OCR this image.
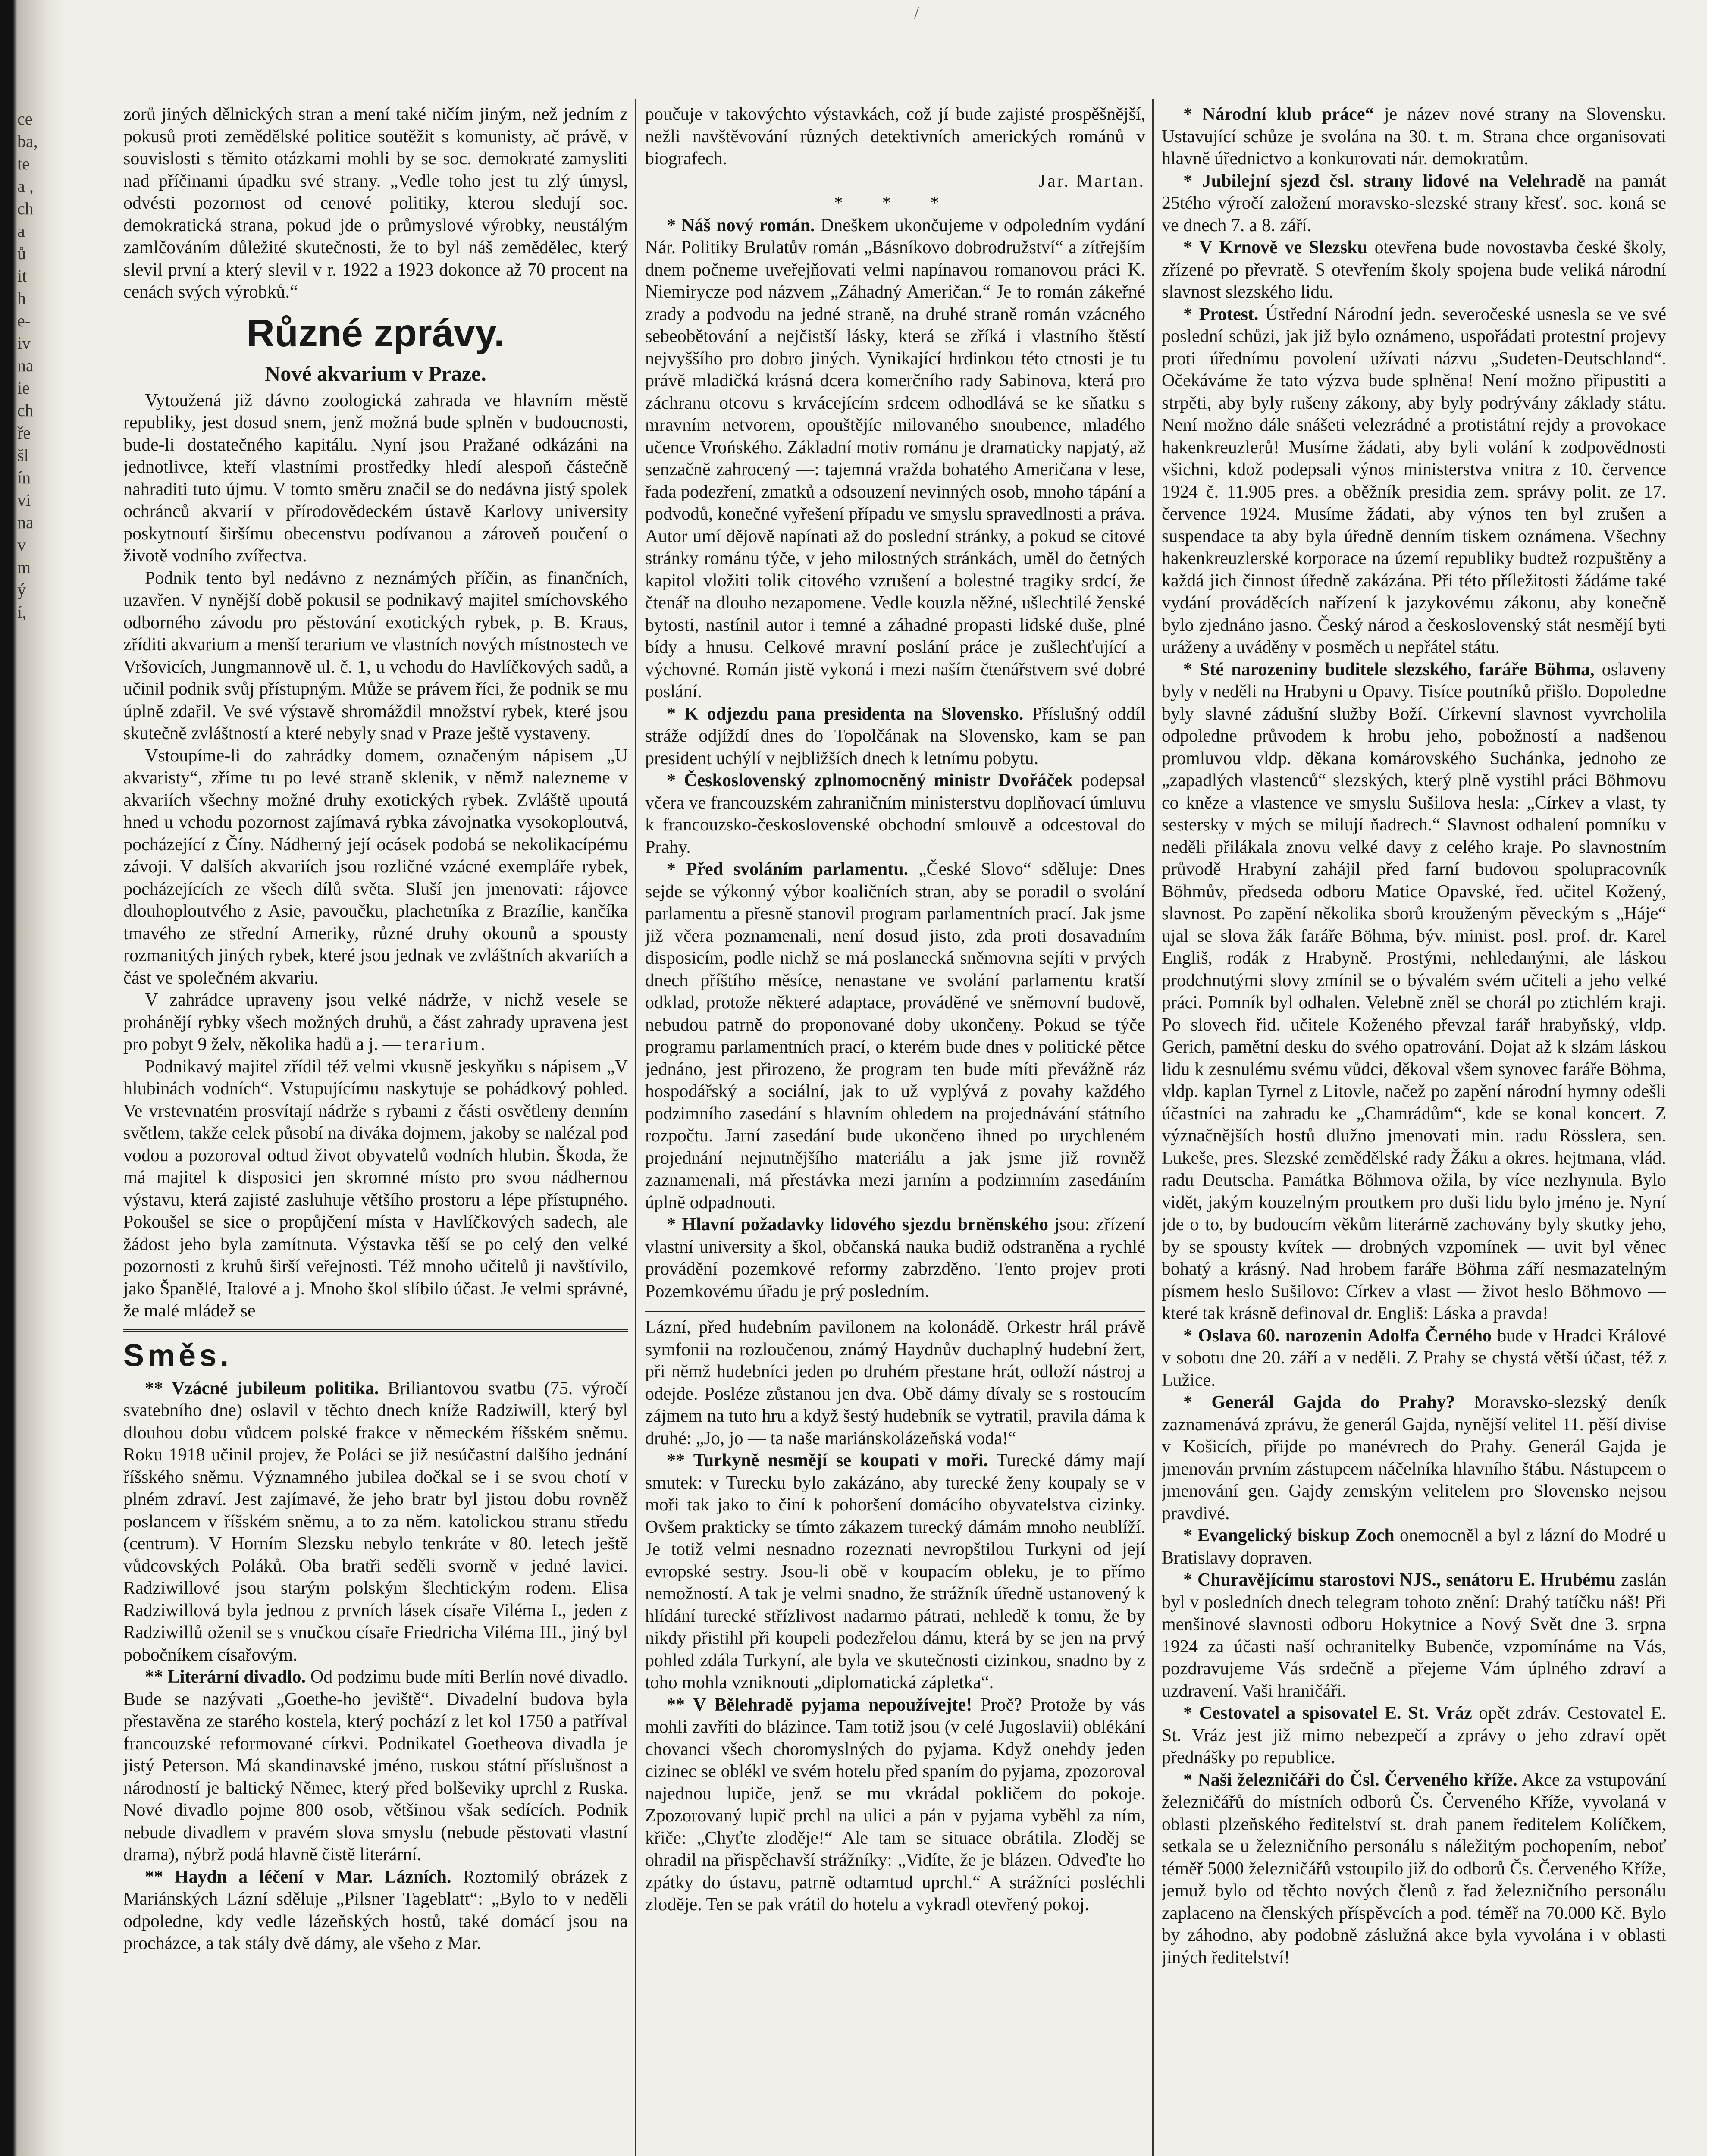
ce
ba,
te
a ,
ch
a
ů
it
h
e-
iv
na
ie
ch
ře
šl
ín
vi
na
v
m
ý
í,
/

zorů jiných dělnických stran a mení také ničím jiným, než jedním z pokusů proti zemědělské politice soutěžit s komunisty, ač právě, v souvislosti s těmito otázkami mohli by se soc. demokraté zamysliti nad příčinami úpadku své strany. „Vedle toho jest tu zlý úmysl, odvésti pozornost od cenové politiky, kterou sledují soc. demokratická strana, pokud jde o průmyslové výrobky, neustálým zamlčováním důležité skutečnosti, že to byl náš zemědělec, který slevil první a který slevil v r. 1922 a 1923 dokonce až 70 procent na cenách svých výrobků.“

Různé zprávy.
Nové akvarium v Praze.

Vytoužená již dávno zoologická zahrada ve hlavním městě republiky, jest dosud snem, jenž možná bude splněn v budoucnosti, bude-li dostatečného kapitálu. Nyní jsou Pražané odkázáni na jednotlivce, kteří vlastními prostředky hledí alespoň částečně nahraditi tuto újmu. V tomto směru značil se do nedávna jistý spolek ochránců akvarií v přírodovědeckém ústavě Karlovy university poskytnoutí širšímu obecenstvu podívanou a zároveň poučení o životě vodního zvířectva.

Podnik tento byl nedávno z neznámých příčin, as finančních, uzavřen. V nynější době pokusil se podnikavý majitel smíchovského odborného závodu pro pěstování exotických rybek, p. B. Kraus, zříditi akvarium a menší terarium ve vlastních nových místnostech ve Vršovicích, Jungmannově ul. č. 1, u vchodu do Havlíčkových sadů, a učinil podnik svůj přístupným. Může se právem říci, že podnik se mu úplně zdařil. Ve své výstavě shromáždil množství rybek, které jsou skutečně zvláštností a které nebyly snad v Praze ještě vystaveny.

Vstoupíme-li do zahrádky domem, označeným nápisem „U akvaristy“, zříme tu po levé straně sklenik, v němž nalezneme v akvariích všechny možné druhy exotických rybek. Zvláště upoutá hned u vchodu pozornost zajímavá rybka závojnatka vysokoploutvá, pocházející z Číny. Nádherný její ocásek podobá se nekolikacípému závoji. V dalších akvariích jsou rozličné vzácné exempláře rybek, pocházejících ze všech dílů světa. Sluší jen jmenovati: rájovce dlouhoploutvého z Asie, pavoučku, plachetníka z Brazílie, kančíka tmavého ze střední Ameriky, různé druhy okounů a spousty rozmanitých jiných rybek, které jsou jednak ve zvláštních akvariích a část ve společném akvariu.

V zahrádce upraveny jsou velké nádrže, v nichž vesele se prohánějí rybky všech možných druhů, a část zahrady upravena jest pro pobyt 9 želv, několika hadů a j. — terarium.

Podnikavý majitel zřídil též velmi vkusně jeskyňku s nápisem „V hlubinách vodních“. Vstupujícímu naskytuje se pohádkový pohled. Ve vrstevnatém prosvítají nádrže s rybami z části osvětleny denním světlem, takže celek působí na diváka dojmem, jakoby se nalézal pod vodou a pozoroval odtud život obyvatelů vodních hlubin. Škoda, že má majitel k disposici jen skromné místo pro svou nádhernou výstavu, která zajisté zasluhuje většího prostoru a lépe přístupného. Pokoušel se sice o propůjčení místa v Havlíčkových sadech, ale žádost jeho byla zamítnuta. Výstavka těší se po celý den velké pozornosti z kruhů širší veřejnosti. Též mnoho učitelů ji navštívilo, jako Španělé, Italové a j. Mnoho škol slíbilo účast. Je velmi správné, že malé mládež se

Směs.

** Vzácné jubileum politika. Briliantovou svatbu (75. výročí svatebního dne) oslavil v těchto dnech kníže Radziwill, který byl dlouhou dobu vůdcem polské frakce v německém říšském sněmu. Roku 1918 učinil projev, že Poláci se již nesúčastní dalšího jednání říšského sněmu. Významného jubilea dočkal se i se svou chotí v plném zdraví. Jest zajímavé, že jeho bratr byl jistou dobu rovněž poslancem v říšském sněmu, a to za něm. katolickou stranu středu (centrum). V Horním Slezsku nebylo tenkráte v 80. letech ještě vůdcovských Poláků. Oba bratři seděli svorně v jedné lavici. Radziwillové jsou starým polským šlechtickým rodem. Elisa Radziwillová byla jednou z prvních lásek císaře Viléma I., jeden z Radziwillů oženil se s vnučkou císaře Friedricha Viléma III., jiný byl pobočníkem císařovým.

** Literární divadlo. Od podzimu bude míti Berlín nové divadlo. Bude se nazývati „Goethe-ho jeviště“. Divadelní budova byla přestavěna ze starého kostela, který pochází z let kol 1750 a patříval francouzské reformované církvi. Podnikatel Goetheova divadla je jistý Peterson. Má skandinavské jméno, ruskou státní příslušnost a národností je baltický Němec, který před bolševiky uprchl z Ruska. Nové divadlo pojme 800 osob, většinou však sedících. Podnik nebude divadlem v pravém slova smyslu (nebude pěstovati vlastní drama), nýbrž podá hlavně čistě literární.

** Haydn a léčení v Mar. Lázních. Roztomilý obrázek z Mariánských Lázní sděluje „Pilsner Tageblatt“: „Bylo to v neděli odpoledne, kdy vedle lázeňských hostů, také domácí jsou na procházce, a tak stály dvě dámy, ale všeho z Mar.

poučuje v takovýchto výstavkách, což jí bude zajisté prospěšnější, nežli navštěvování různých detektivních amerických románů v biografech.

Jar. Martan.

* * *

* Náš nový román. Dneškem ukončujeme v odpoledním vydání Nár. Politiky Brulatův román „Básníkovo dobrodružství“ a zítřejším dnem počneme uveřejňovati velmi napínavou romanovou práci K. Niemirycze pod názvem „Záhadný Američan.“ Je to román zákeřné zrady a podvodu na jedné straně, na druhé straně román vzácného sebeobětování a nejčistší lásky, která se zříká i vlastního štěstí nejvyššího pro dobro jiných. Vynikající hrdinkou této ctnosti je tu právě mladičká krásná dcera komerčního rady Sabinova, která pro záchranu otcovu s krvácejícím srdcem odhodlává se ke sňatku s mravním netvorem, opouštějíc milovaného snoubence, mladého učence Vrońského. Základní motiv románu je dramaticky napjatý, až senzačně zahrocený —: tajemná vražda bohatého Američana v lese, řada podezření, zmatků a odsouzení nevinných osob, mnoho tápání a podvodů, konečné vyřešení případu ve smyslu spravedlnosti a práva. Autor umí dějově napínati až do poslední stránky, a pokud se citové stránky románu týče, v jeho milostných stránkách, uměl do četných kapitol vložiti tolik citového vzrušení a bolestné tragiky srdcí, že čtenář na dlouho nezapomene. Vedle kouzla něžné, ušlechtilé ženské bytosti, nastínil autor i temné a záhadné propasti lidské duše, plné bídy a hnusu. Celkové mravní poslání práce je zušlechťující a výchovné. Román jistě vykoná i mezi naším čtenářstvem své dobré poslání.

* K odjezdu pana presidenta na Slovensko. Příslušný oddíl stráže odjíždí dnes do Topolčának na Slovensko, kam se pan president uchýlí v nejbližších dnech k letnímu pobytu.

* Československý zplnomocněný ministr Dvořáček podepsal včera ve francouzském zahraničním ministerstvu doplňovací úmluvu k francouzsko-československé obchodní smlouvě a odcestoval do Prahy.

* Před svoláním parlamentu. „České Slovo“ sděluje: Dnes sejde se výkonný výbor koaličních stran, aby se poradil o svolání parlamentu a přesně stanovil program parlamentních prací. Jak jsme již včera poznamenali, není dosud jisto, zda proti dosavadním disposicím, podle nichž se má poslanecká sněmovna sejíti v prvých dnech příštího měsíce, nenastane ve svolání parlamentu kratší odklad, protože některé adaptace, prováděné ve sněmovní budově, nebudou patrně do proponované doby ukončeny. Pokud se týče programu parlamentních prací, o kterém bude dnes v politické pětce jednáno, jest přirozeno, že program ten bude míti převážně ráz hospodářský a sociální, jak to už vyplývá z povahy každého podzimního zasedání s hlavním ohledem na projednávání státního rozpočtu. Jarní zasedání bude ukončeno ihned po urychleném projednání nejnutnějšího materiálu a jak jsme již rovněž zaznamenali, má přestávka mezi jarním a podzimním zasedáním úplně odpadnouti.

* Hlavní požadavky lidového sjezdu brněnského jsou: zřízení vlastní university a škol, občanská nauka budiž odstraněna a rychlé provádění pozemkové reformy zabrzděno. Tento projev proti Pozemkovému úřadu je prý posledním.

Lázní, před hudebním pavilonem na kolonádě. Orkestr hrál právě symfonii na rozloučenou, známý Haydnův duchaplný hudební žert, při němž hudebníci jeden po druhém přestane hrát, odloží nástroj a odejde. Posléze zůstanou jen dva. Obě dámy dívaly se s rostoucím zájmem na tuto hru a když šestý hudebník se vytratil, pravila dáma k druhé: „Jo, jo — ta naše mariánskolázeňská voda!“

** Turkyně nesmějí se koupati v moři. Turecké dámy mají smutek: v Turecku bylo zakázáno, aby turecké ženy koupaly se v moři tak jako to činí k pohoršení domácího obyvatelstva cizinky. Ovšem prakticky se tímto zákazem turecký dámám mnoho neublíží. Je totiž velmi nesnadno rozeznati nevropštilou Turkyni od její evropské sestry. Jsou-li obě v koupacím obleku, je to přímo nemožností. A tak je velmi snadno, že strážník úředně ustanovený k hlídání turecké střízlivost nadarmo pátrati, nehledě k tomu, že by nikdy přistihl při koupeli podezřelou dámu, která by se jen na prvý pohled zdála Turkyní, ale byla ve skutečnosti cizinkou, snadno by z toho mohla vzniknouti „diplomatická zápletka“.

** V Bělehradě pyjama nepoužívejte! Proč? Protože by vás mohli zavříti do blázince. Tam totiž jsou (v celé Jugoslavii) oblékání chovanci všech choromyslných do pyjama. Když onehdy jeden cizinec se oblékl ve svém hotelu před spaním do pyjama, zpozoroval najednou lupiče, jenž se mu vkrádal pokličem do pokoje. Zpozorovaný lupič prchl na ulici a pán v pyjama vyběhl za ním, křiče: „Chyťte zloděje!“ Ale tam se situace obrátila. Zloděj se ohradil na přispěchavší strážníky: „Vidíte, že je blázen. Odveďte ho zpátky do ústavu, patrně odtamtud uprchl.“ A strážníci posléchli zloděje. Ten se pak vrátil do hotelu a vykradl otevřený pokoj.

* Národní klub práce“ je název nové strany na Slovensku. Ustavující schůze je svolána na 30. t. m. Strana chce organisovati hlavně úřednictvo a konkurovati nár. demokratům.

* Jubilejní sjezd čsl. strany lidové na Velehradě na památ 25tého výročí založení moravsko-slezské strany křesť. soc. koná se ve dnech 7. a 8. září.

* V Krnově ve Slezsku otevřena bude novostavba české školy, zřízené po převratě. S otevřením školy spojena bude veliká národní slavnost slezského lidu.

* Protest. Ústřední Národní jedn. severočeské usnesla se ve své poslední schůzi, jak již bylo oznámeno, uspořádati protestní projevy proti úřednímu povolení užívati názvu „Sudeten-Deutschland“. Očekáváme že tato výzva bude splněna! Není možno připustiti a strpěti, aby byly rušeny zákony, aby byly podrývány základy státu. Není možno dále snášeti velezrádné a protistátní rejdy a provokace hakenkreuzlerů! Musíme žádati, aby byli volání k zodpovědnosti všichni, kdož podepsali výnos ministerstva vnitra z 10. července 1924 č. 11.905 pres. a oběžník presidia zem. správy polit. ze 17. července 1924. Musíme žádati, aby výnos ten byl zrušen a suspendace ta aby byla úředně denním tiskem oznámena. Všechny hakenkreuzlerské korporace na území republiky budtež rozpuštěny a každá jich činnost úředně zakázána. Při této příležitosti žádáme také vydání prováděcích nařízení k jazykovému zákonu, aby konečně bylo zjednáno jasno. Český národ a československý stát nesmějí byti uráženy a uváděny v posměch u nepřátel státu.

* Sté narozeniny buditele slezského, faráře Böhma, oslaveny byly v neděli na Hrabyni u Opavy. Tisíce poutníků přišlo. Dopoledne byly slavné zádušní služby Boží. Církevní slavnost vyvrcholila odpoledne průvodem k hrobu jeho, pobožností a nadšenou promluvou vldp. děkana komárovského Suchánka, jednoho ze „zapadlých vlastenců“ slezských, který plně vystihl práci Böhmovu co kněze a vlastence ve smyslu Sušilova hesla: „Církev a vlast, ty sestersky v mých se milují ňadrech.“ Slavnost odhalení pomníku v neděli přilákala znovu velké davy z celého kraje. Po slavnostním průvodě Hrabyní zahájil před farní budovou spolupracovník Böhmův, předseda odboru Matice Opavské, řed. učitel Kožený, slavnost. Po zapění několika sborů krouženým pěveckým s „Háje“ ujal se slova žák faráře Böhma, býv. minist. posl. prof. dr. Karel Engliš, rodák z Hrabyně. Prostými, nehledanými, ale láskou prodchnutými slovy zmínil se o bývalém svém učiteli a jeho velké práci. Pomník byl odhalen. Velebně zněl se chorál po ztichlém kraji. Po slovech řid. učitele Koženého převzal farář hrabyňský, vldp. Gerich, pamětní desku do svého opatrování. Dojat až k slzám láskou lidu k zesnulému svému vůdci, děkoval všem synovec faráře Böhma, vldp. kaplan Tyrnel z Litovle, načež po zapění národní hymny odešli účastníci na zahradu ke „Chamrádům“, kde se konal koncert. Z význačnějších hostů dlužno jmenovati min. radu Rösslera, sen. Lukeše, pres. Slezské zemědělské rady Žáku a okres. hejtmana, vlád. radu Deutscha. Památka Böhmova ožila, by více nezhynula. Bylo vidět, jakým kouzelným proutkem pro duši lidu bylo jméno je. Nyní jde o to, by budoucím věkům literárně zachovány byly skutky jeho, by se spousty kvítek — drobných vzpomínek — uvit byl věnec bohatý a krásný. Nad hrobem faráře Böhma září nesmazatelným písmem heslo Sušilovo: Církev a vlast — život heslo Böhmovo — které tak krásně definoval dr. Engliš: Láska a pravda!

* Oslava 60. narozenin Adolfa Černého bude v Hradci Králové v sobotu dne 20. září a v neděli. Z Prahy se chystá větší účast, též z Lužice.

* Generál Gajda do Prahy? Moravsko-slezský deník zaznamenává zprávu, že generál Gajda, nynější velitel 11. pěší divise v Košicích, přijde po manévrech do Prahy. Generál Gajda je jmenován prvním zástupcem náčelníka hlavního štábu. Nástupcem o jmenování gen. Gajdy zemským velitelem pro Slovensko nejsou pravdivé.

* Evangelický biskup Zoch onemocněl a byl z lázní do Modré u Bratislavy dopraven.

* Churavějícímu starostovi NJS., senátoru E. Hrubému zaslán byl v posledních dnech telegram tohoto znění: Drahý tatíčku náš! Při menšinové slavnosti odboru Hokytnice a Nový Svět dne 3. srpna 1924 za účasti naší ochranitelky Bubenče, vzpomínáme na Vás, pozdravujeme Vás srdečně a přejeme Vám úplného zdraví a uzdravení. Vaši hraničáři.

* Cestovatel a spisovatel E. St. Vráz opět zdráv. Cestovatel E. St. Vráz jest již mimo nebezpečí a zprávy o jeho zdraví opět přednášky po republice.

* Naši železničáři do Čsl. Červeného kříže. Akce za vstupování železničářů do místních odborů Čs. Červeného Kříže, vyvolaná v oblasti plzeňského ředitelství st. drah panem ředitelem Kolíčkem, setkala se u železničního personálu s náležitým pochopením, neboť téměř 5000 železničářů vstoupilo již do odborů Čs. Červeného Kříže, jemuž bylo od těchto nových členů z řad železničního personálu zaplaceno na členských příspěvcích a pod. téměř na 70.000 Kč. Bylo by záhodno, aby podobně záslužná akce byla vyvolána i v oblasti jiných ředitelství!
